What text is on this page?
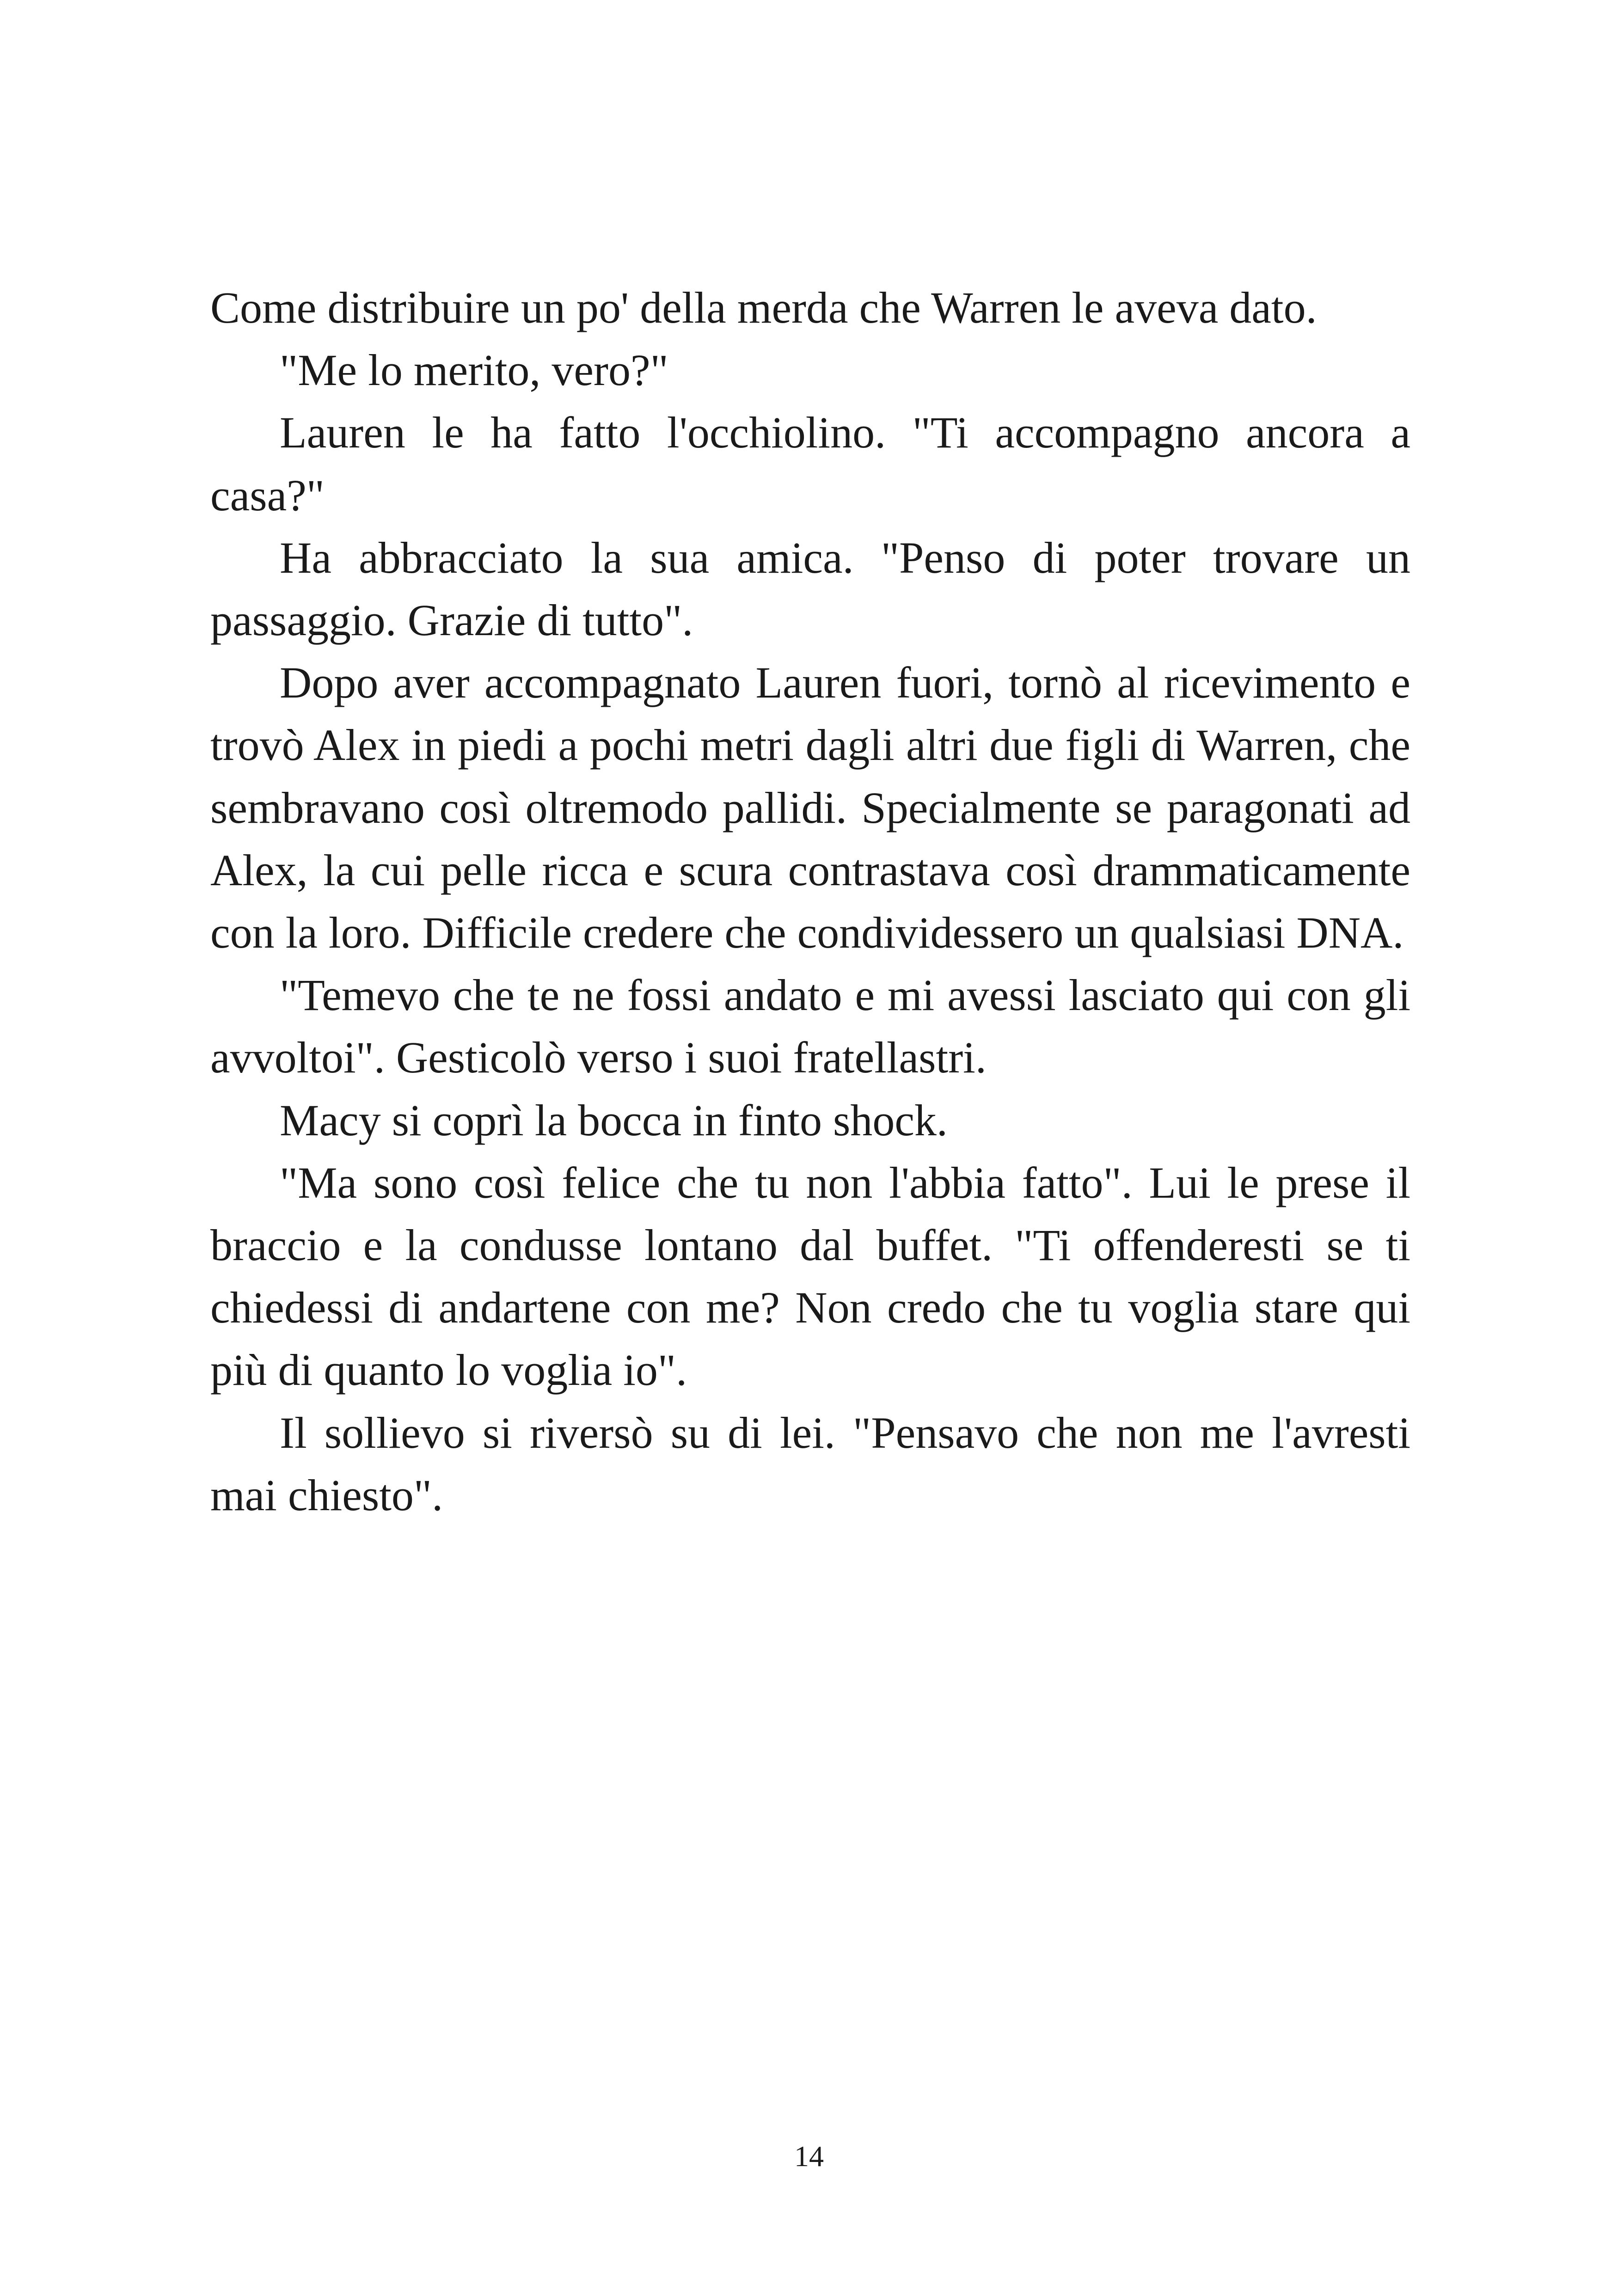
Come distribuire un po' della merda che Warren le aveva dato.

"Me lo merito, vero?"

Lauren le ha fatto l'occhiolino. "Ti accompagno ancora a casa?"

Ha abbracciato la sua amica. "Penso di poter trovare un passaggio. Grazie di tutto".

Dopo aver accompagnato Lauren fuori, tornò al ricevimento e trovò Alex in piedi a pochi metri dagli altri due figli di Warren, che sembravano così oltremodo pallidi. Specialmente se paragonati ad Alex, la cui pelle ricca e scura contrastava così drammaticamente con la loro. Difficile credere che condividessero un qualsiasi DNA.

"Temevo che te ne fossi andato e mi avessi lasciato qui con gli avvoltoi". Gesticolò verso i suoi fratellastri.

Macy si coprì la bocca in finto shock.

"Ma sono così felice che tu non l'abbia fatto". Lui le prese il braccio e la condusse lontano dal buffet. "Ti offenderesti se ti chiedessi di andartene con me? Non credo che tu voglia stare qui più di quanto lo voglia io".

Il sollievo si riversò su di lei. "Pensavo che non me l'avresti mai chiesto".

14
